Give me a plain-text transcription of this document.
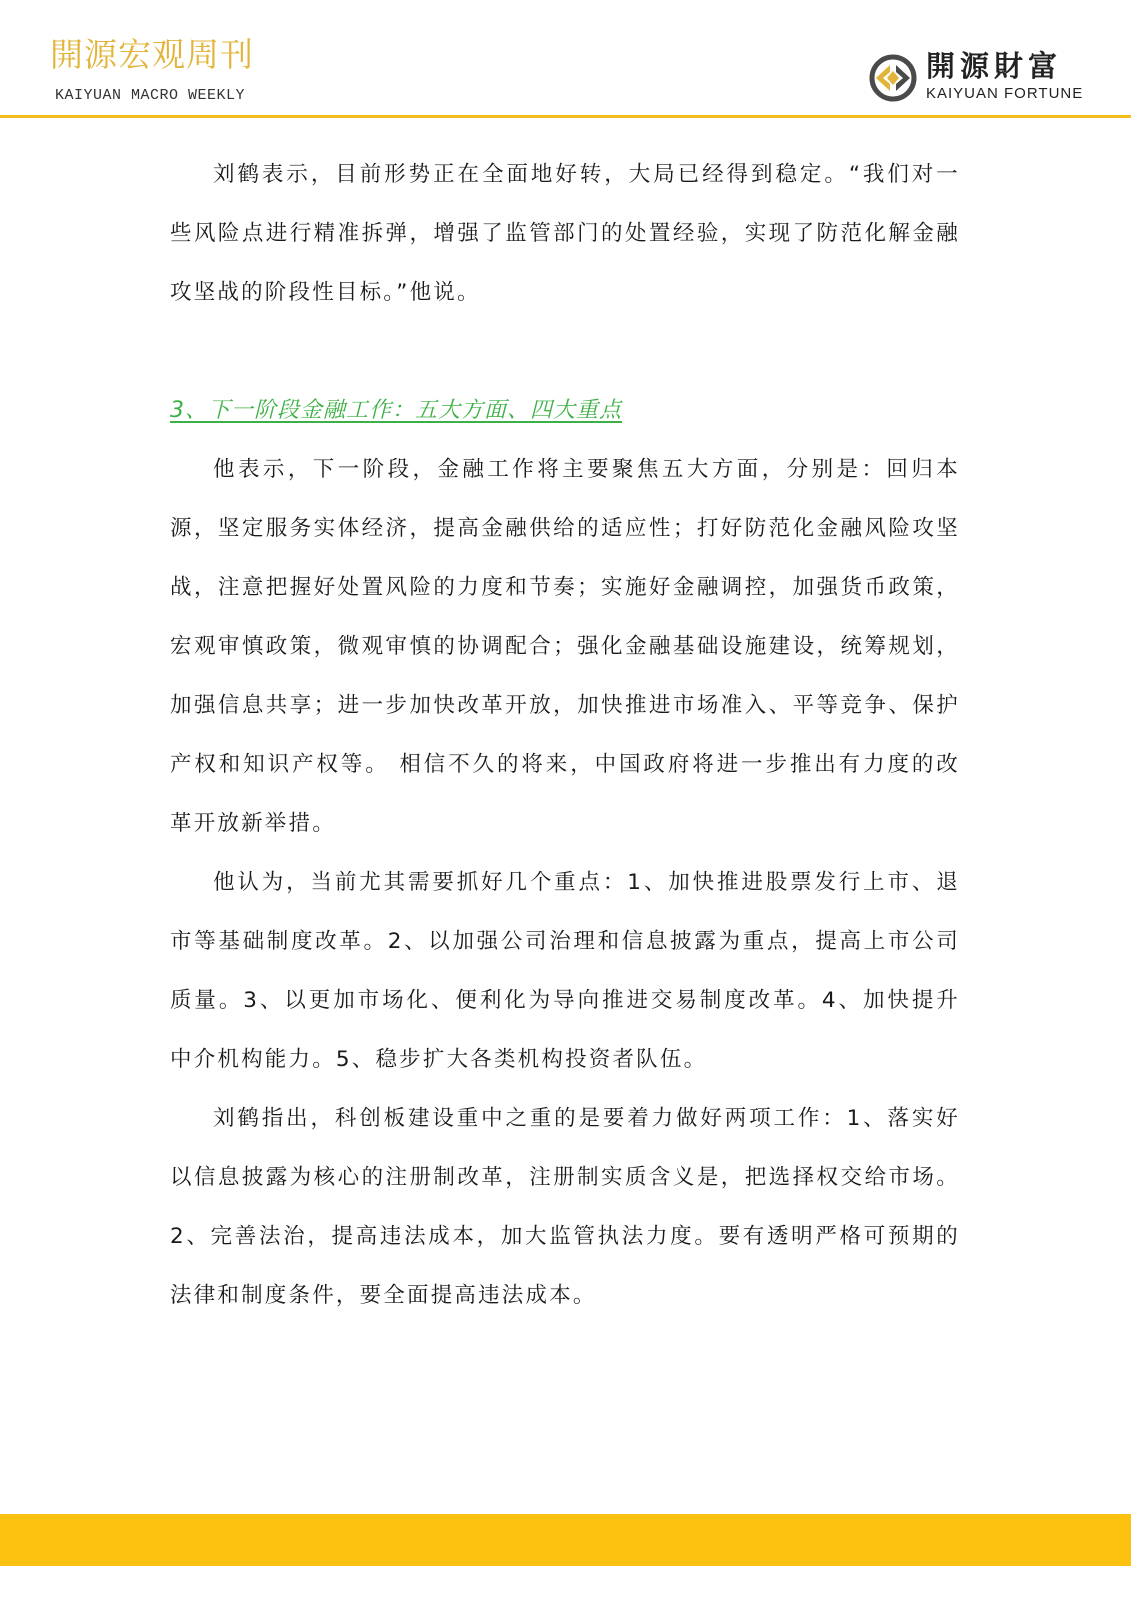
開源宏观周刊
KAIYUAN MACRO WEEKLY
開源財富
KAIYUAN FORTUNE

刘鹤表示，目前形势正在全面地好转，大局已经得到稳定。“我们对一些风险点进行精准拆弹，增强了监管部门的处置经验，实现了防范化解金融攻坚战的阶段性目标。”他说。

3、下一阶段金融工作：五大方面、四大重点

他表示，下一阶段，金融工作将主要聚焦五大方面，分别是：回归本源，坚定服务实体经济，提高金融供给的适应性；打好防范化金融风险攻坚战，注意把握好处置风险的力度和节奏；实施好金融调控，加强货币政策，宏观审慎政策，微观审慎的协调配合；强化金融基础设施建设，统筹规划，加强信息共享；进一步加快改革开放，加快推进市场准入、平等竞争、保护产权和知识产权等。 相信不久的将来，中国政府将进一步推出有力度的改革开放新举措。

他认为，当前尤其需要抓好几个重点：1、加快推进股票发行上市、退市等基础制度改革。2、以加强公司治理和信息披露为重点，提高上市公司质量。3、以更加市场化、便利化为导向推进交易制度改革。4、加快提升中介机构能力。5、稳步扩大各类机构投资者队伍。

刘鹤指出，科创板建设重中之重的是要着力做好两项工作：1、落实好以信息披露为核心的注册制改革，注册制实质含义是，把选择权交给市场。2、完善法治，提高违法成本，加大监管执法力度。要有透明严格可预期的法律和制度条件，要全面提高违法成本。
